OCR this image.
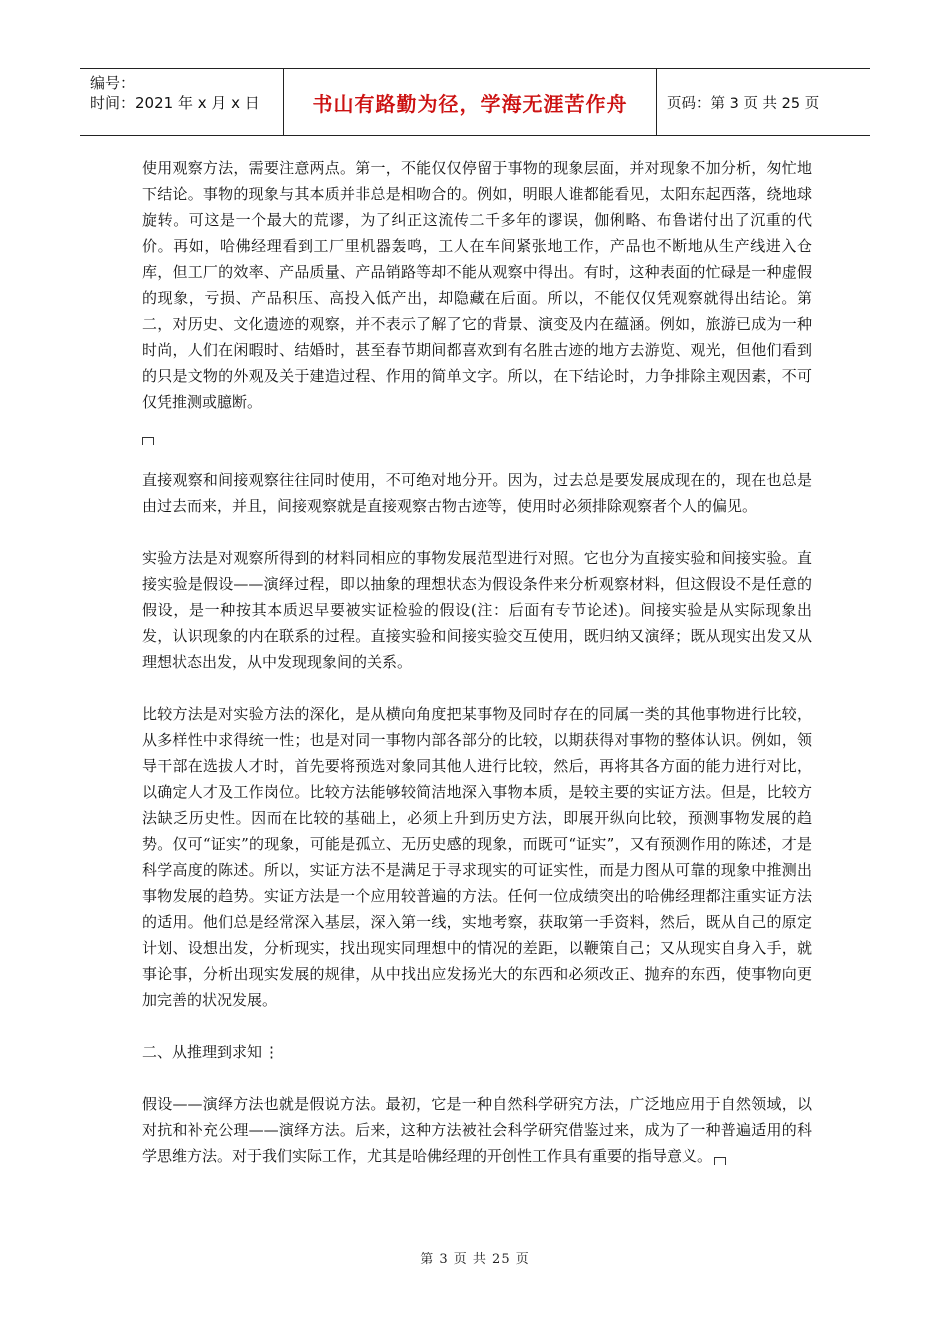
编号：
时间：2021 年 x 月 x 日	书山有路勤为径，学海无涯苦作舟	页码：第 3 页 共 25 页

使用观察方法，需要注意两点。第一，不能仅仅停留于事物的现象层面，并对现象不加分析，匆忙地下结论。事物的现象与其本质并非总是相吻合的。例如，明眼人谁都能看见，太阳东起西落，绕地球旋转。可这是一个最大的荒谬，为了纠正这流传二千多年的谬误，伽俐略、布鲁诺付出了沉重的代价。再如，哈佛经理看到工厂里机器轰鸣，工人在车间紧张地工作，产品也不断地从生产线进入仓库，但工厂的效率、产品质量、产品销路等却不能从观察中得出。有时，这种表面的忙碌是一种虚假的现象，亏损、产品积压、高投入低产出，却隐藏在后面。所以，不能仅仅凭观察就得出结论。第二，对历史、文化遗迹的观察，并不表示了解了它的背景、演变及内在蕴涵。例如，旅游已成为一种时尚，人们在闲暇时、结婚时，甚至春节期间都喜欢到有名胜古迹的地方去游览、观光，但他们看到的只是文物的外观及关于建造过程、作用的简单文字。所以，在下结论时，力争排除主观因素，不可仅凭推测或臆断。

直接观察和间接观察往往同时使用，不可绝对地分开。因为，过去总是要发展成现在的，现在也总是由过去而来，并且，间接观察就是直接观察古物古迹等，使用时必须排除观察者个人的偏见。

实验方法是对观察所得到的材料同相应的事物发展范型进行对照。它也分为直接实验和间接实验。直接实验是假设——演绎过程，即以抽象的理想状态为假设条件来分析观察材料，但这假设不是任意的假设，是一种按其本质迟早要被实证检验的假设(注：后面有专节论述)。间接实验是从实际现象出发，认识现象的内在联系的过程。直接实验和间接实验交互使用，既归纳又演绎；既从现实出发又从理想状态出发，从中发现现象间的关系。

比较方法是对实验方法的深化，是从横向角度把某事物及同时存在的同属一类的其他事物进行比较，从多样性中求得统一性；也是对同一事物内部各部分的比较，以期获得对事物的整体认识。例如，领导干部在选拔人才时，首先要将预选对象同其他人进行比较，然后，再将其各方面的能力进行对比，以确定人才及工作岗位。比较方法能够较简洁地深入事物本质，是较主要的实证方法。但是，比较方法缺乏历史性。因而在比较的基础上，必须上升到历史方法，即展开纵向比较，预测事物发展的趋势。仅可“证实”的现象，可能是孤立、无历史感的现象，而既可“证实”，又有预测作用的陈述，才是科学高度的陈述。所以，实证方法不是满足于寻求现实的可证实性，而是力图从可靠的现象中推测出事物发展的趋势。实证方法是一个应用较普遍的方法。任何一位成绩突出的哈佛经理都注重实证方法的适用。他们总是经常深入基层，深入第一线，实地考察，获取第一手资料，然后，既从自己的原定计划、设想出发，分析现实，找出现实同理想中的情况的差距，以鞭策自己；又从现实自身入手，就事论事，分析出现实发展的规律，从中找出应发扬光大的东西和必须改正、抛弃的东西，使事物向更加完善的状况发展。

二、从推理到求知 ⋮

假设——演绎方法也就是假说方法。最初，它是一种自然科学研究方法，广泛地应用于自然领域，以对抗和补充公理——演绎方法。后来，这种方法被社会科学研究借鉴过来，成为了一种普遍适用的科学思维方法。对于我们实际工作，尤其是哈佛经理的开创性工作具有重要的指导意义。

第 3 页 共 25 页
